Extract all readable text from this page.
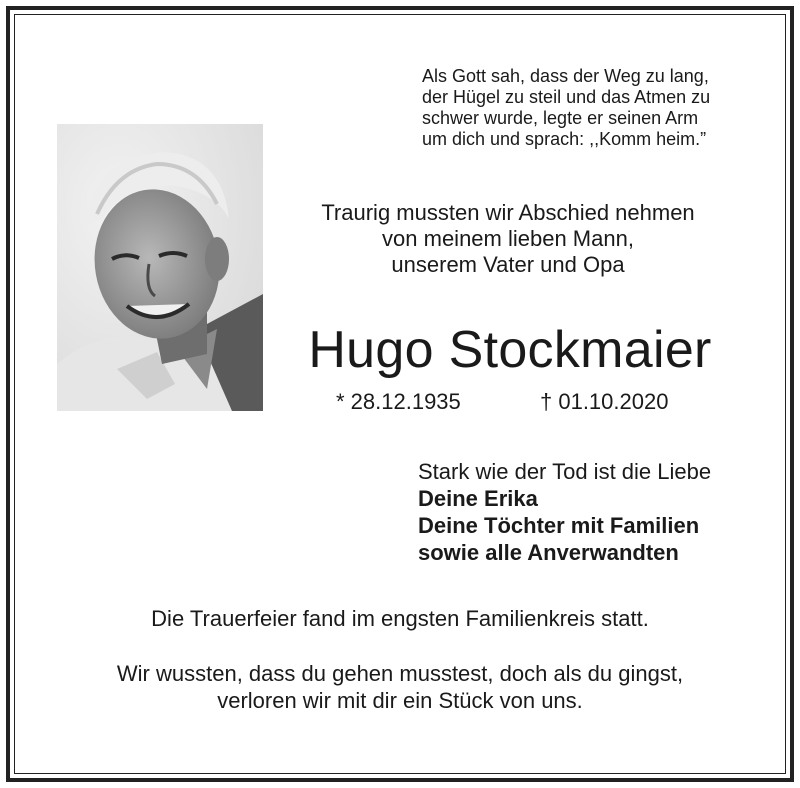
Als Gott sah, dass der Weg zu lang,
der Hügel zu steil und das Atmen zu
schwer wurde, legte er seinen Arm
um dich und sprach: ,,Komm heim.”
Traurig mussten wir Abschied nehmen
von meinem lieben Mann,
unserem Vater und Opa
Hugo Stockmaier
* 28.12.1935	† 01.10.2020
Stark wie der Tod ist die Liebe
Deine Erika
Deine Töchter mit Familien
sowie alle Anverwandten
Die Trauerfeier fand im engsten Familienkreis statt.
Wir wussten, dass du gehen musstest, doch als du gingst,
verloren wir mit dir ein Stück von uns.
